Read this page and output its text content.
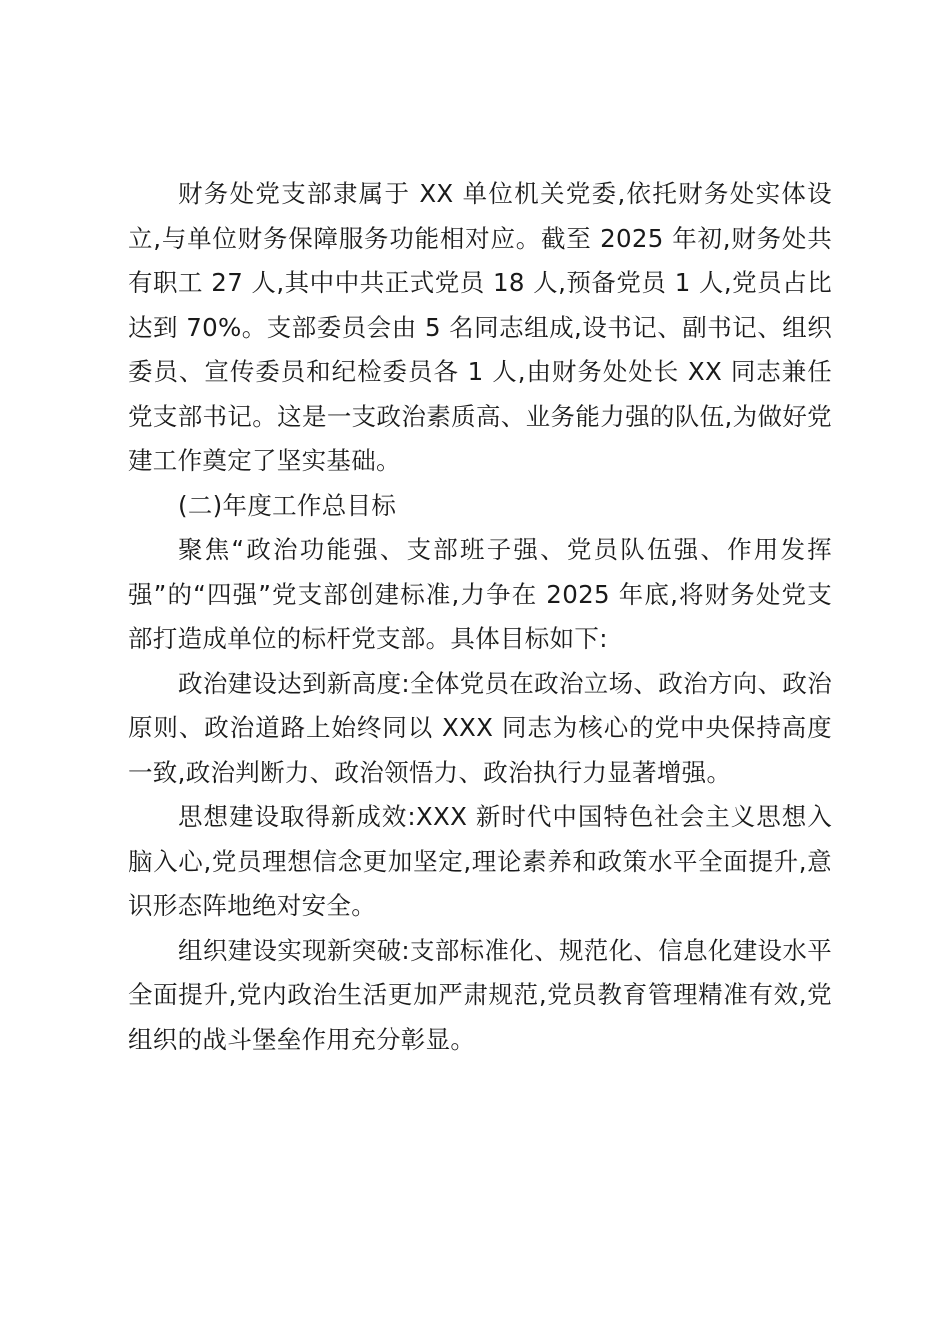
财务处党支部隶属于 XX 单位机关党委,依托财务处实体设立,与单位财务保障服务功能相对应。截至 2025 年初,财务处共有职工 27 人,其中中共正式党员 18 人,预备党员 1 人,党员占比达到 70%。支部委员会由 5 名同志组成,设书记、副书记、组织委员、宣传委员和纪检委员各 1 人,由财务处处长 XX 同志兼任党支部书记。这是一支政治素质高、业务能力强的队伍,为做好党建工作奠定了坚实基础。

(二)年度工作总目标

聚焦“政治功能强、支部班子强、党员队伍强、作用发挥强”的“四强”党支部创建标准,力争在 2025 年底,将财务处党支部打造成单位的标杆党支部。具体目标如下:

政治建设达到新高度:全体党员在政治立场、政治方向、政治原则、政治道路上始终同以 XXX 同志为核心的党中央保持高度一致,政治判断力、政治领悟力、政治执行力显著增强。

思想建设取得新成效:XXX 新时代中国特色社会主义思想入脑入心,党员理想信念更加坚定,理论素养和政策水平全面提升,意识形态阵地绝对安全。

组织建设实现新突破:支部标准化、规范化、信息化建设水平全面提升,党内政治生活更加严肃规范,党员教育管理精准有效,党组织的战斗堡垒作用充分彰显。
